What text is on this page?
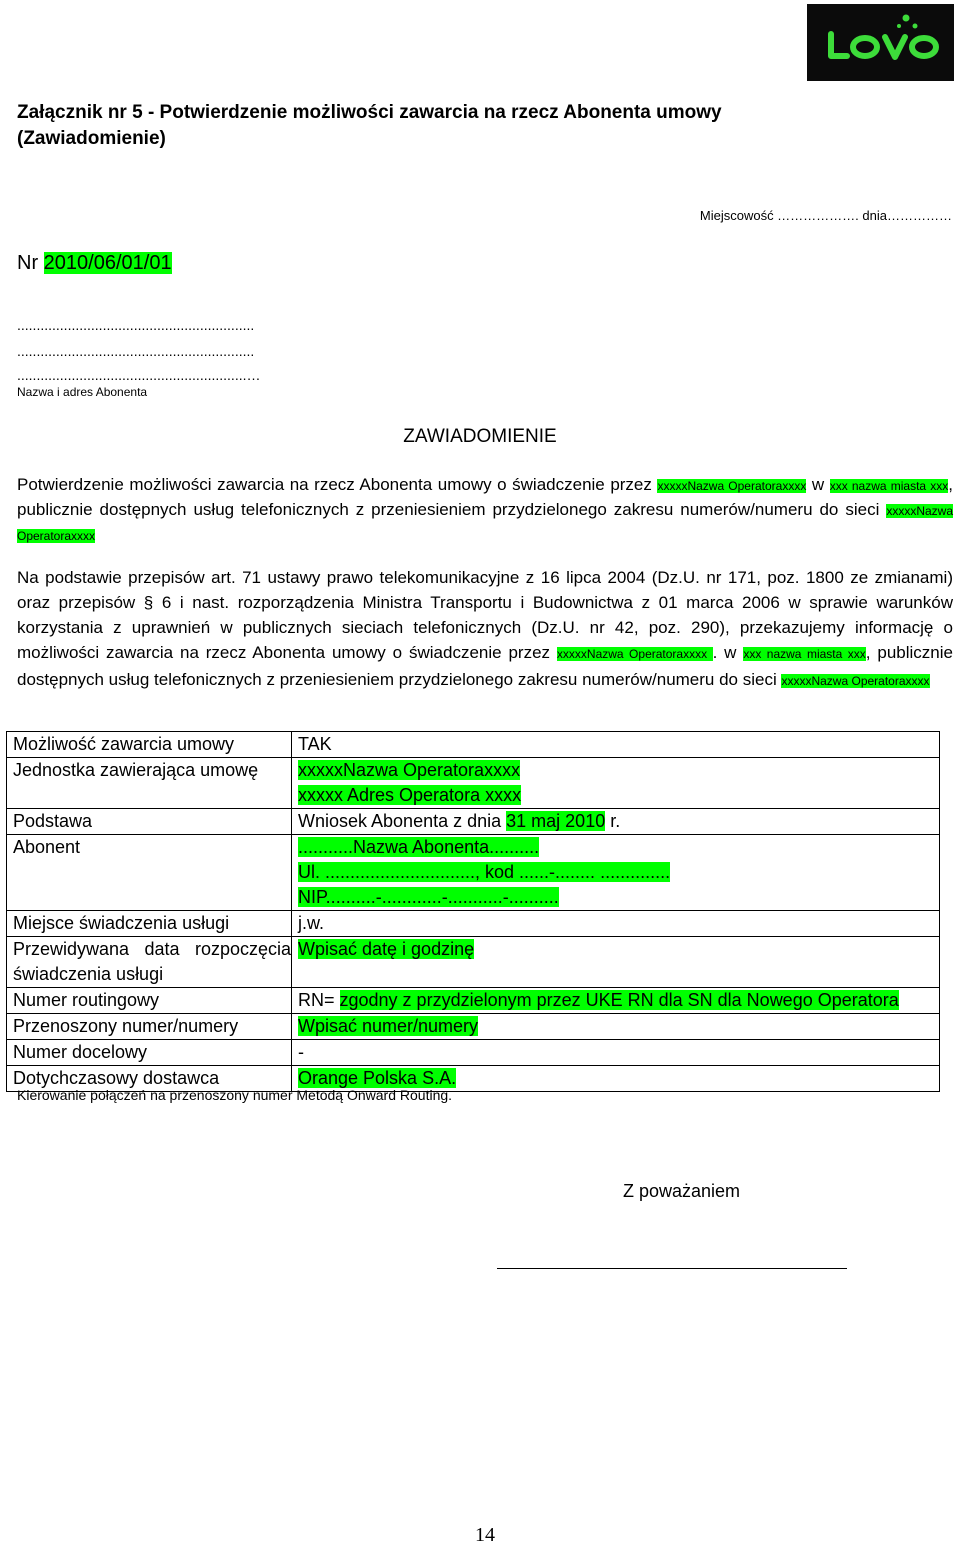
Załącznik nr 5 - Potwierdzenie możliwości zawarcia na rzecz Abonenta umowy (Zawiadomienie)
Miejscowość ………………. dnia……………
Nr 2010/06/01/01
.............................................................
.............................................................
...........................................................…
Nazwa i adres Abonenta
ZAWIADOMIENIE
Potwierdzenie możliwości zawarcia na rzecz Abonenta umowy o świadczenie przez xxxxxNazwa Operatoraxxxx w xxx nazwa miasta xxx, publicznie dostępnych usług telefonicznych z przeniesieniem przydzielonego zakresu numerów/numeru do sieci xxxxxNazwa Operatoraxxxx
Na podstawie przepisów art. 71 ustawy prawo telekomunikacyjne z 16 lipca 2004 (Dz.U. nr 171, poz. 1800 ze zmianami) oraz przepisów § 6 i nast. rozporządzenia Ministra Transportu i Budownictwa z 01 marca 2006 w sprawie warunków korzystania z uprawnień w publicznych sieciach telefonicznych (Dz.U. nr 42, poz. 290), przekazujemy informację o możliwości zawarcia na rzecz Abonenta umowy o świadczenie przez xxxxxNazwa Operatoraxxxx . w xxx nazwa miasta xxx, publicznie dostępnych usług telefonicznych z przeniesieniem przydzielonego zakresu numerów/numeru do sieci xxxxxNazwa Operatoraxxxx
Możliwość zawarcia umowy	TAK
Jednostka zawierająca umowę	xxxxxNazwa Operatoraxxxx
xxxxx Adres Operatora xxxx

Podstawa	Wniosek Abonenta z dnia 31 maj 2010 r.
Abonent	...........Nazwa Abonenta..........
Ul. .............................., kod ......-........ ..............
NIP..........-............-...........-..........

Miejsce świadczenia usługi	j.w.
Przewidywana data rozpoczęcia świadczenia usługi	Wpisać datę i godzinę
Numer routingowy	RN= zgodny z przydzielonym przez UKE RN dla SN dla Nowego Operatora
Przenoszony numer/numery	Wpisać numer/numery
Numer docelowy	-
Dotychczasowy dostawca	Orange Polska S.A.
Kierowanie połączeń na przenoszony numer Metodą Onward Routing.
Z poważaniem
14
